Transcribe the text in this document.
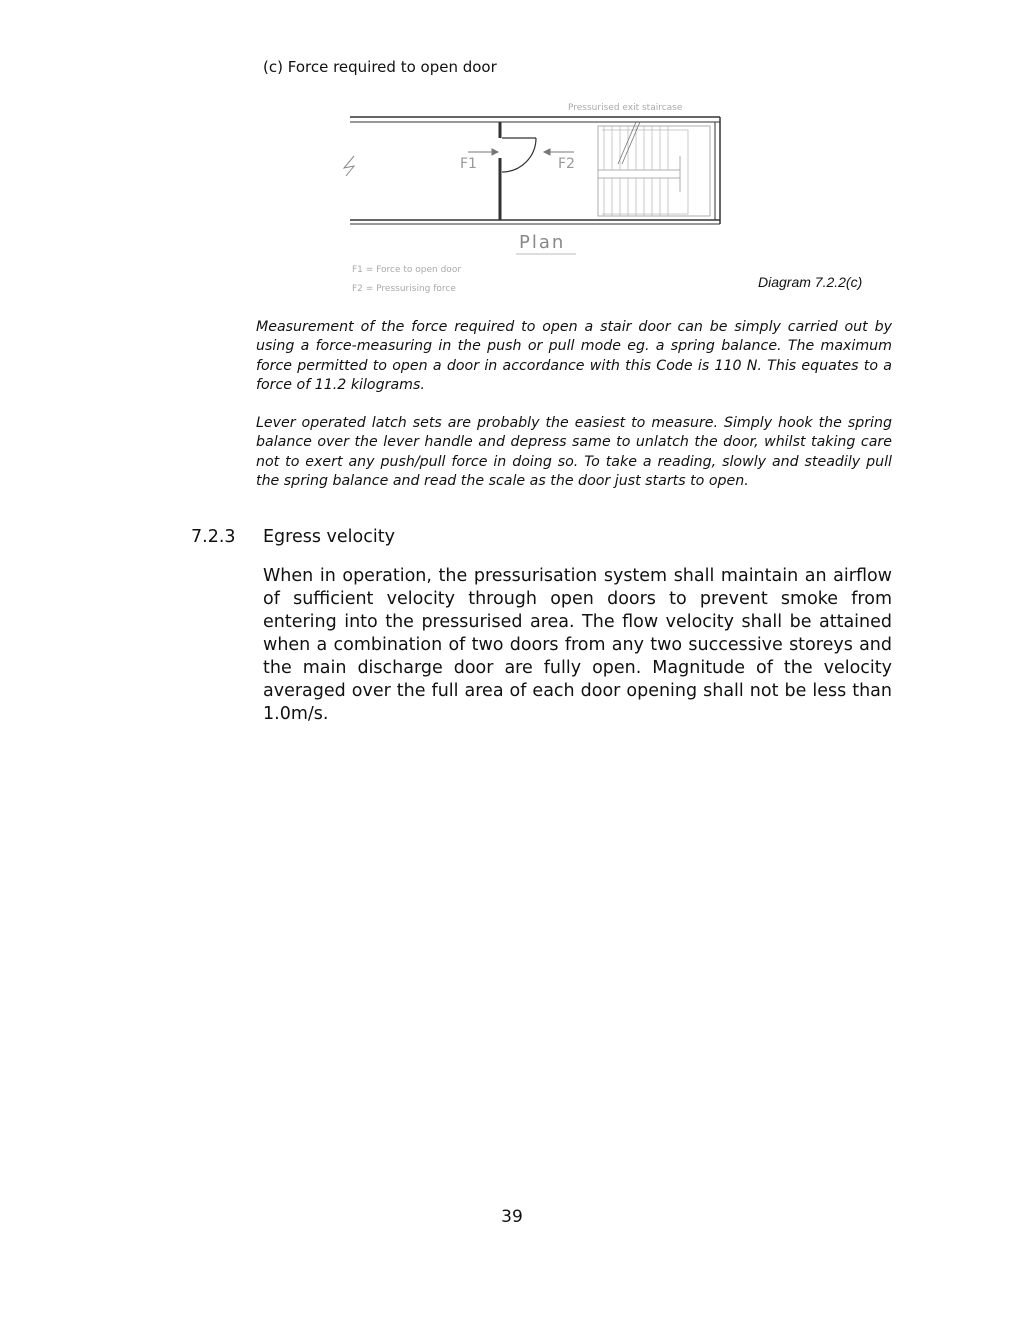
(c) Force required to open door
Pressurised exit staircase
F1	F2
Plan
F1 = Force to open door
F2 = Pressurising force	Diagram 7.2.2(c)

Measurement of the force required to open a stair door can be simply carried out by using a force-measuring in the push or pull mode eg. a spring balance. The maximum force permitted to open a door in accordance with this Code is 110 N. This equates to a force of 11.2 kilograms.

Lever operated latch sets are probably the easiest to measure. Simply hook the spring balance over the lever handle and depress same to unlatch the door, whilst taking care not to exert any push/pull force in doing so. To take a reading, slowly and steadily pull the spring balance and read the scale as the door just starts to open.

7.2.3 Egress velocity

When in operation, the pressurisation system shall maintain an airflow of sufficient velocity through open doors to prevent smoke from entering into the pressurised area. The flow velocity shall be attained when a combination of two doors from any two successive storeys and the main discharge door are fully open. Magnitude of the velocity averaged over the full area of each door opening shall not be less than 1.0m/s.

39
